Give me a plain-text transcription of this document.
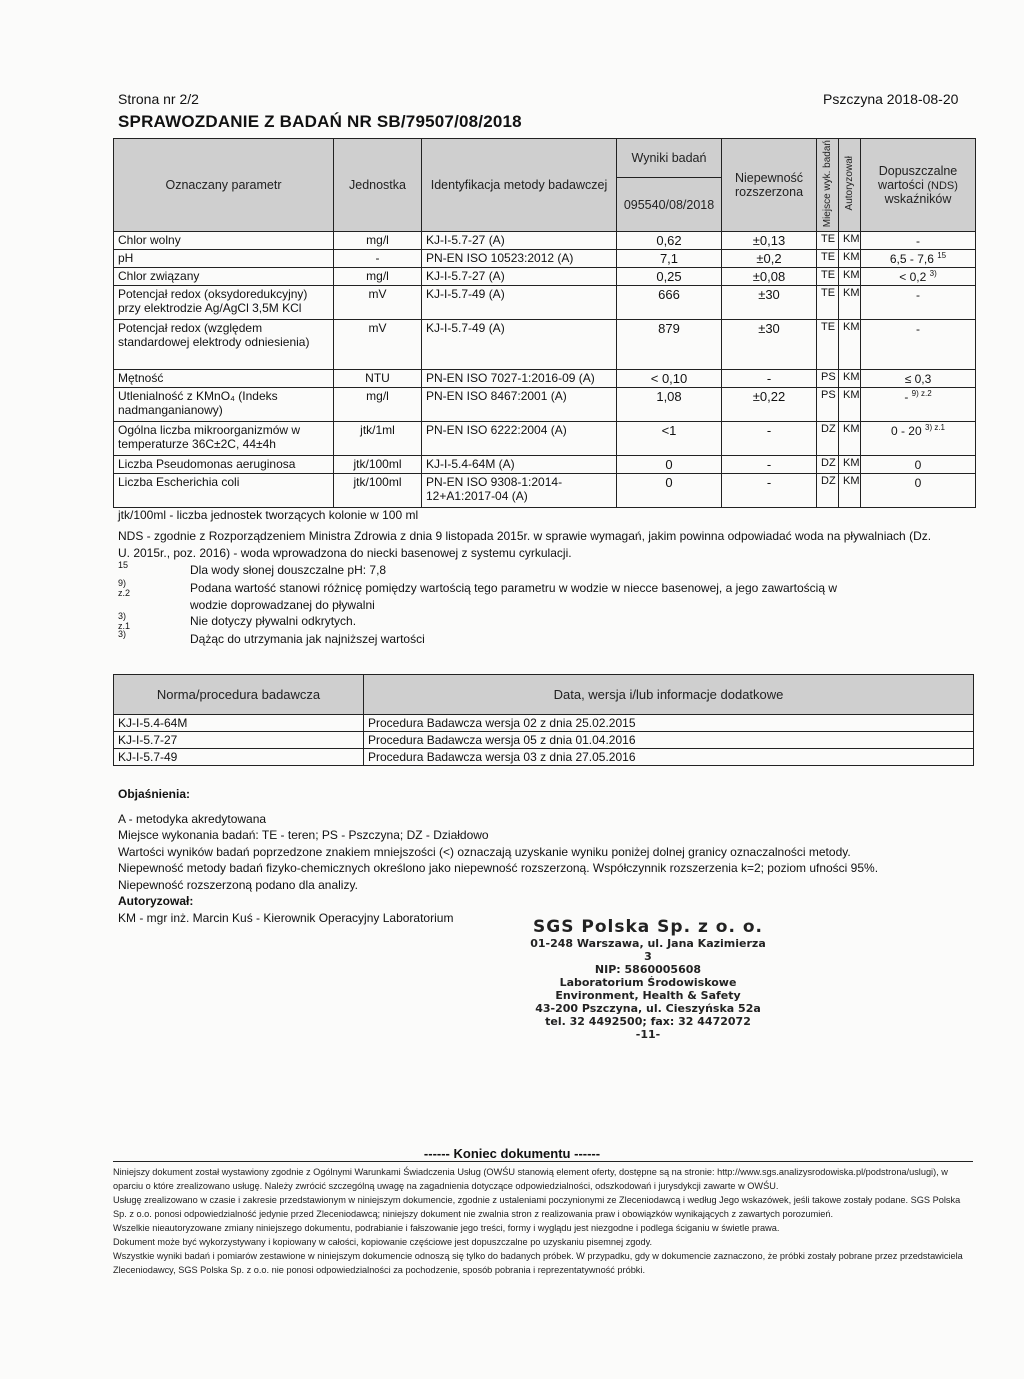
Strona nr 2/2	Pszczyna 2018-08-20
SPRAWOZDANIE Z BADAŃ NR SB/79507/08/2018
Oznaczany parametr	Jednostka	Identyfikacja metody badawczej	Wyniki badań	Niepewność rozszerzona	Miejsce wyk. badań	Autoryzował	Dopuszczalne wartości (NDS)
wskaźników
			095540/08/2018				
Chlor wolny	mg/l	KJ-I-5.7-27 (A)	0,62	±0,13	TE	KM	-
pH	-	PN-EN ISO 10523:2012 (A)	7,1	±0,2	TE	KM	6,5 - 7,6 $^{15}$
Chlor związany	mg/l	KJ-I-5.7-27 (A)	0,25	±0,08	TE	KM	< 0,2 $^{3)}$
Potencjał redox (oksydoredukcyjny) przy elektrodzie Ag/AgCl 3,5M KCl	mV	KJ-I-5.7-49 (A)	666	±30	TE	KM	-
Potencjał redox (względem standardowej elektrody odniesienia)	mV	KJ-I-5.7-49 (A)	879	±30	TE	KM	-
Mętność	NTU	PN-EN ISO 7027-1:2016-09 (A)	< 0,10	-	PS	KM	≤ 0,3
Utlenialność z KMnO₄ (Indeks nadmanganianowy)	mg/l	PN-EN ISO 8467:2001 (A)	1,08	±0,22	PS	KM	- $^{9) z.2}$
Ogólna liczba mikroorganizmów w temperaturze 36C±2C, 44±4h	jtk/1ml	PN-EN ISO 6222:2004 (A)	<1	-	DZ	KM	0 - 20 $^{3) z.1}$
Liczba Pseudomonas aeruginosa	jtk/100ml	KJ-I-5.4-64M (A)	0	-	DZ	KM	0
Liczba Escherichia coli	jtk/100ml	PN-EN ISO 9308-1:2014-12+A1:2017-04 (A)	0	-	DZ	KM	0
jtk/100ml - liczba jednostek tworzących kolonie w 100 ml
NDS - zgodnie z Rozporządzeniem Ministra Zdrowia z dnia 9 listopada 2015r. w sprawie wymagań, jakim powinna odpowiadać woda na pływalniach (Dz. U. 2015r., poz. 2016) - woda wprowadzona do niecki basenowej z systemu cyrkulacji.
15	Dla wody słonej douszczalne pH: 7,8
9) z.2	Podana wartość stanowi różnicę pomiędzy wartością tego parametru w wodzie w niecce basenowej, a jego zawartością w wodzie doprowadzanej do pływalni
3) z.1	Nie dotyczy pływalni odkrytych.
3)	Dążąc do utrzymania jak najniższej wartości
Norma/procedura badawcza	Data, wersja i/lub informacje dodatkowe
KJ-I-5.4-64M	Procedura Badawcza wersja 02 z dnia 25.02.2015
KJ-I-5.7-27	Procedura Badawcza wersja 05 z dnia 01.04.2016
KJ-I-5.7-49	Procedura Badawcza wersja 03 z dnia 27.05.2016
Objaśnienia:
A - metodyka akredytowana
Miejsce wykonania badań: TE - teren; PS - Pszczyna; DZ - Działdowo
Wartości wyników badań poprzedzone znakiem mniejszości (<) oznaczają uzyskanie wyniku poniżej dolnej granicy oznaczalności metody.
Niepewność metody badań fizyko-chemicznych określono jako niepewność rozszerzoną. Współczynnik rozszerzenia k=2; poziom ufności 95%.
Niepewność rozszerzoną podano dla analizy.
Autoryzował:
KM - mgr inż. Marcin Kuś - Kierownik Operacyjny Laboratorium	SGS Polska Sp. z o. o.
01-248 Warszawa, ul. Jana Kazimierza 3
NIP: 5860005608
Laboratorium Środowiskowe
Environment, Health & Safety
43-200 Pszczyna, ul. Cieszyńska 52a
tel. 32 4492500; fax: 32 4472072
-11-
------ Koniec dokumentu ------

Niniejszy dokument został wystawiony zgodnie z Ogólnymi Warunkami Świadczenia Usług (OWŚU stanowią element oferty, dostępne są na stronie: http://www.sgs.analizysrodowiska.pl/podstrona/uslugi), w oparciu o które zrealizowano usługę. Należy zwrócić szczególną uwagę na zagadnienia dotyczące odpowiedzialności, odszkodowań i jurysdykcji zawarte w OWŚU.

Usługę zrealizowano w czasie i zakresie przedstawionym w niniejszym dokumencie, zgodnie z ustaleniami poczynionymi ze Zleceniodawcą i według Jego wskazówek, jeśli takowe zostały podane. SGS Polska Sp. z o.o. ponosi odpowiedzialność jedynie przed Zleceniodawcą; niniejszy dokument nie zwalnia stron z realizowania praw i obowiązków wynikających z zawartych porozumień.

Wszelkie nieautoryzowane zmiany niniejszego dokumentu, podrabianie i fałszowanie jego treści, formy i wyglądu jest niezgodne i podlega ściganiu w świetle prawa.

Dokument może być wykorzystywany i kopiowany w całości, kopiowanie częściowe jest dopuszczalne po uzyskaniu pisemnej zgody.

Wszystkie wyniki badań i pomiarów zestawione w niniejszym dokumencie odnoszą się tylko do badanych próbek. W przypadku, gdy w dokumencie zaznaczono, że próbki zostały pobrane przez przedstawiciela Zleceniodawcy, SGS Polska Sp. z o.o. nie ponosi odpowiedzialności za pochodzenie, sposób pobrania i reprezentatywność próbki.
